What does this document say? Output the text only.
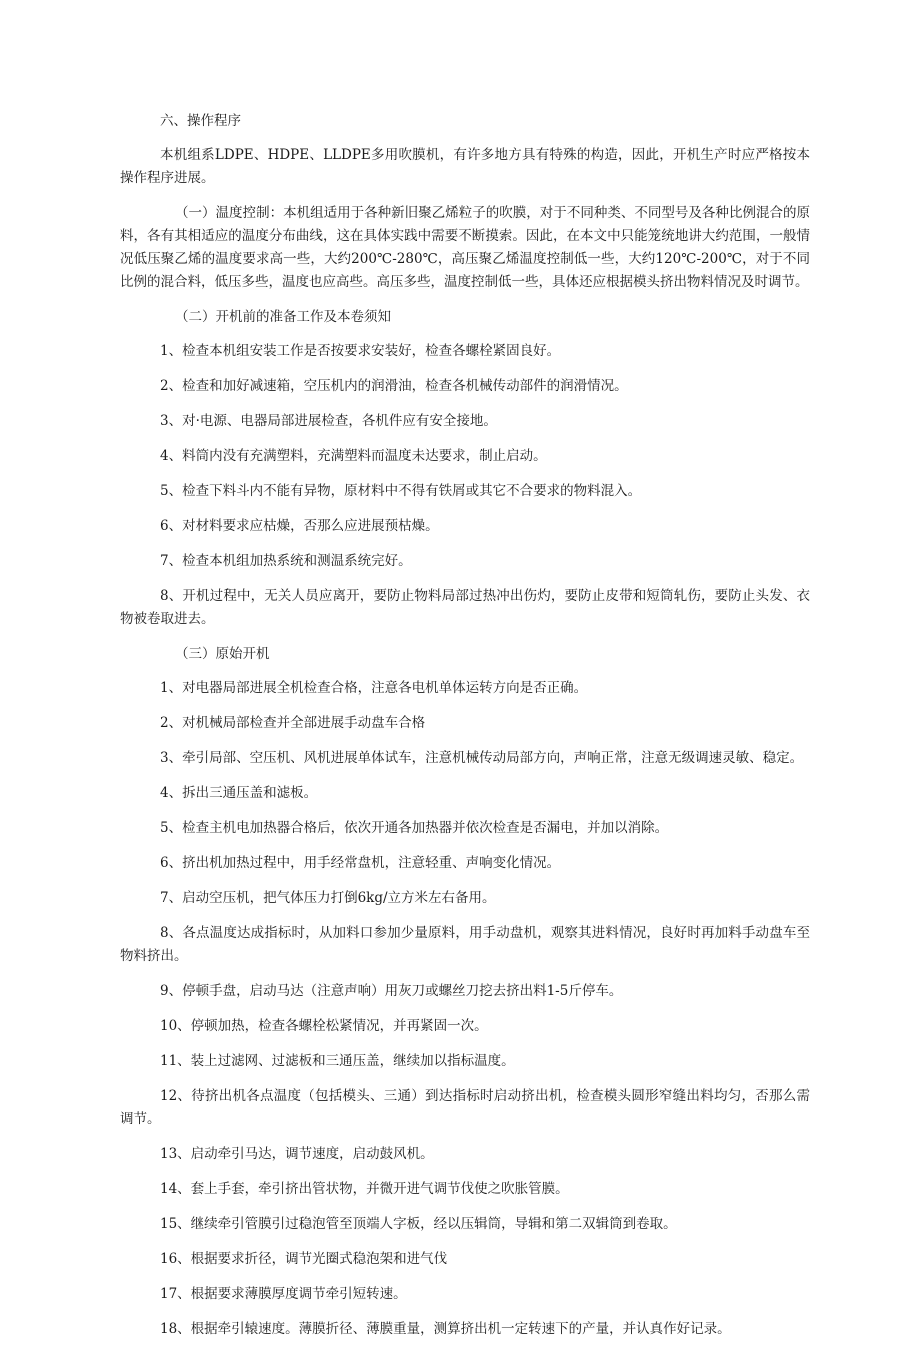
六、操作程序

本机组系LDPE、HDPE、LLDPE多用吹膜机，有许多地方具有特殊的构造，因此，开机生产时应严格按本操作程序进展。

（一）温度控制：本机组适用于各种新旧聚乙烯粒子的吹膜，对于不同种类、不同型号及各种比例混合的原料，各有其相适应的温度分布曲线，这在具体实践中需要不断摸索。因此，在本文中只能笼统地讲大约范围，一般情况低压聚乙烯的温度要求高一些，大约200℃-280℃，高压聚乙烯温度控制低一些，大约120℃-200℃，对于不同比例的混合料，低压多些，温度也应高些。高压多些，温度控制低一些，具体还应根据模头挤出物料情况及时调节。

（二）开机前的准备工作及本卷须知

1、检查本机组安装工作是否按要求安装好，检查各螺栓紧固良好。

2、检查和加好减速箱，空压机内的润滑油，检查各机械传动部件的润滑情况。

3、对·电源、电器局部进展检查，各机件应有安全接地。

4、料筒内没有充满塑料，充满塑料而温度未达要求，制止启动。

5、检查下料斗内不能有异物，原材料中不得有铁屑或其它不合要求的物料混入。

6、对材料要求应枯燥，否那么应进展预枯燥。

7、检查本机组加热系统和测温系统完好。

8、开机过程中，无关人员应离开，要防止物料局部过热冲出伤灼，要防止皮带和短筒轧伤，要防止头发、衣物被卷取进去。

（三）原始开机

1、对电器局部进展全机检查合格，注意各电机单体运转方向是否正确。

2、对机械局部检查并全部进展手动盘车合格

3、牵引局部、空压机、风机进展单体试车，注意机械传动局部方向，声响正常，注意无级调速灵敏、稳定。

4、拆出三通压盖和滤板。

5、检查主机电加热器合格后，依次开通各加热器并依次检查是否漏电，并加以消除。

6、挤出机加热过程中，用手经常盘机，注意轻重、声响变化情况。

7、启动空压机，把气体压力打倒6kg/立方米左右备用。

8、各点温度达成指标时，从加料口参加少量原料，用手动盘机，观察其进料情况，良好时再加料手动盘车至物料挤出。

9、停顿手盘，启动马达（注意声响）用灰刀或螺丝刀挖去挤出料1-5斤停车。

10、停顿加热，检查各螺栓松紧情况，并再紧固一次。

11、装上过滤网、过滤板和三通压盖，继续加以指标温度。

12、待挤出机各点温度（包括模头、三通）到达指标时启动挤出机，检查模头圆形窄缝出料均匀，否那么需调节。

13、启动牵引马达，调节速度，启动鼓风机。

14、套上手套，牵引挤出管状物，并微开进气调节伐使之吹胀管膜。

15、继续牵引管膜引过稳泡管至顶端人字板，经以压辑筒，导辑和第二双辑筒到卷取。

16、根据要求折径，调节光圈式稳泡架和进气伐

17、根据要求薄膜厚度调节牵引短转速。

18、根据牵引辕速度。薄膜折径、薄膜重量，测算挤出机一定转速下的产量，并认真作好记录。
